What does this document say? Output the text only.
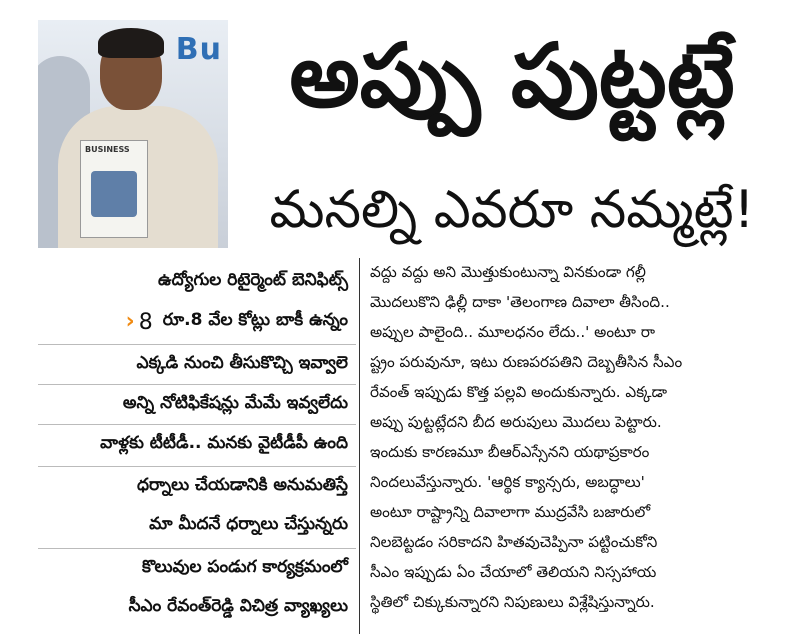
Bu
BUSINESS
అప్పు పుట్టట్లే
మనల్ని ఎవరూ నమ్మట్లే!
ఉద్యోగుల రిటైర్మెంట్ బెనిఫిట్స్
› 8 రూ.8 వేల కోట్లు బాకీ ఉన్నం
ఎక్కడి నుంచి తీసుకొచ్చి ఇవ్వాలె
అన్ని నోటిఫికేషన్లు మేమే ఇవ్వలేదు
వాళ్లకు టీటీడీ.. మనకు వైటీడీపీ ఉంది
ధర్నాలు చేయడానికి అనుమతిస్తే
మా మీదనే ధర్నాలు చేస్తున్నరు
కొలువుల పండుగ కార్యక్రమంలో
సీఎం రేవంత్‌రెడ్డి విచిత్ర వ్యాఖ్యలు
వద్దు వద్దు అని మొత్తుకుంటున్నా వినకుండా గల్లీ
మొదలుకొని ఢిల్లీ దాకా 'తెలంగాణ దివాలా తీసింది..
అప్పుల పాలైంది.. మూలధనం లేదు..' అంటూ రా
ష్ట్రం పరువునూ, ఇటు రుణపరపతిని దెబ్బతీసిన సీఎం
రేవంత్ ఇప్పుడు కొత్త పల్లవి అందుకున్నారు. ఎక్కడా
అప్పు పుట్టట్లేదని బీద అరుపులు మొదలు పెట్టారు.
ఇందుకు కారణమూ బీఆర్ఎస్సేనని యథాప్రకారం
నిందలువేస్తున్నారు. 'ఆర్థిక క్యాన్సరు, అబద్ధాలు'
అంటూ రాష్ట్రాన్ని దివాలాగా ముద్రవేసి బజారులో
నిలబెట్టడం సరికాదని హితవుచెప్పినా పట్టించుకోని
సీఎం ఇప్పుడు ఏం చేయాలో తెలియని నిస్సహాయ
స్థితిలో చిక్కుకున్నారని నిపుణులు విశ్లేషిస్తున్నారు.
